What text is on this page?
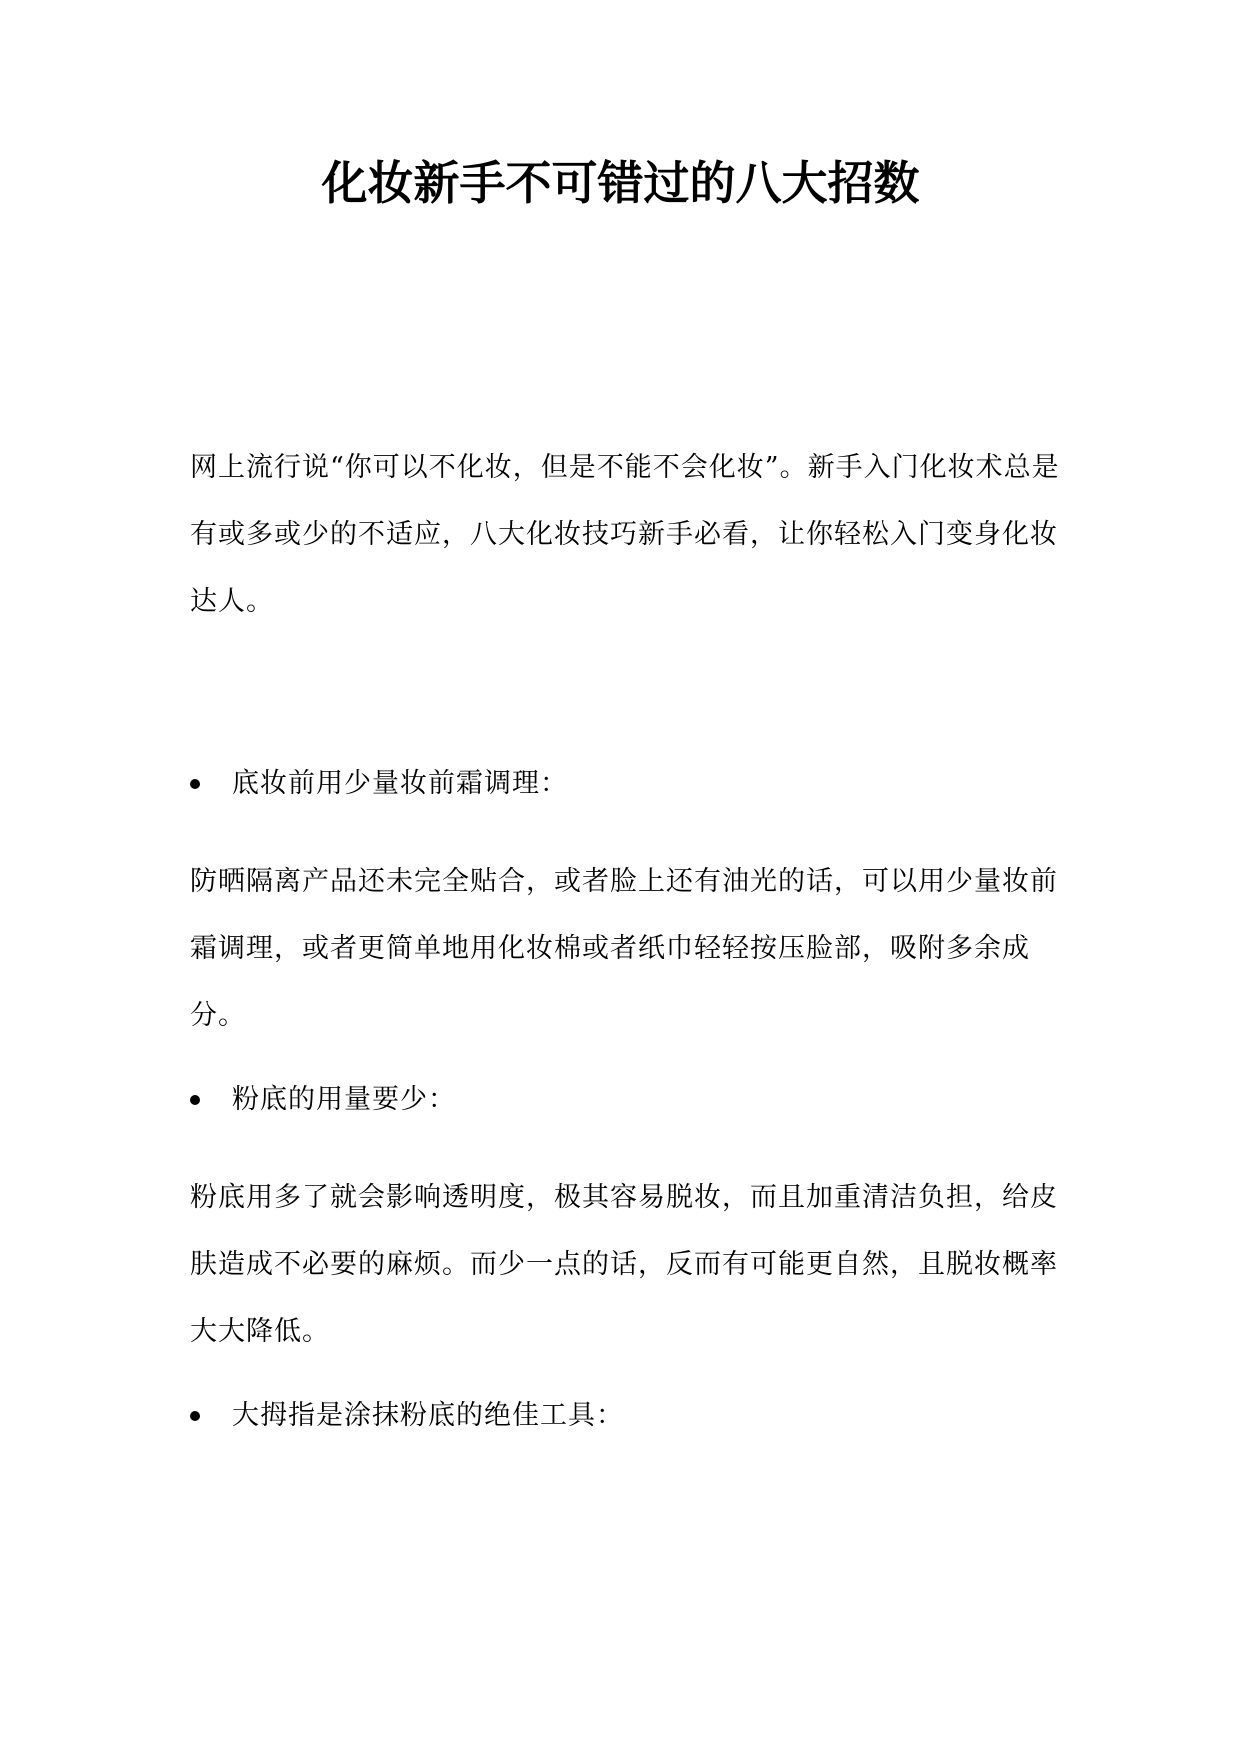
化妆新手不可错过的八大招数

网上流行说“你可以不化妆，但是不能不会化妆”。新手入门化妆术总是有或多或少的不适应，八大化妆技巧新手必看，让你轻松入门变身化妆达人。

底妆前用少量妆前霜调理：

防晒隔离产品还未完全贴合，或者脸上还有油光的话，可以用少量妆前霜调理，或者更简单地用化妆棉或者纸巾轻轻按压脸部，吸附多余成分。

粉底的用量要少：

粉底用多了就会影响透明度，极其容易脱妆，而且加重清洁负担，给皮肤造成不必要的麻烦。而少一点的话，反而有可能更自然，且脱妆概率大大降低。

大拇指是涂抹粉底的绝佳工具：
